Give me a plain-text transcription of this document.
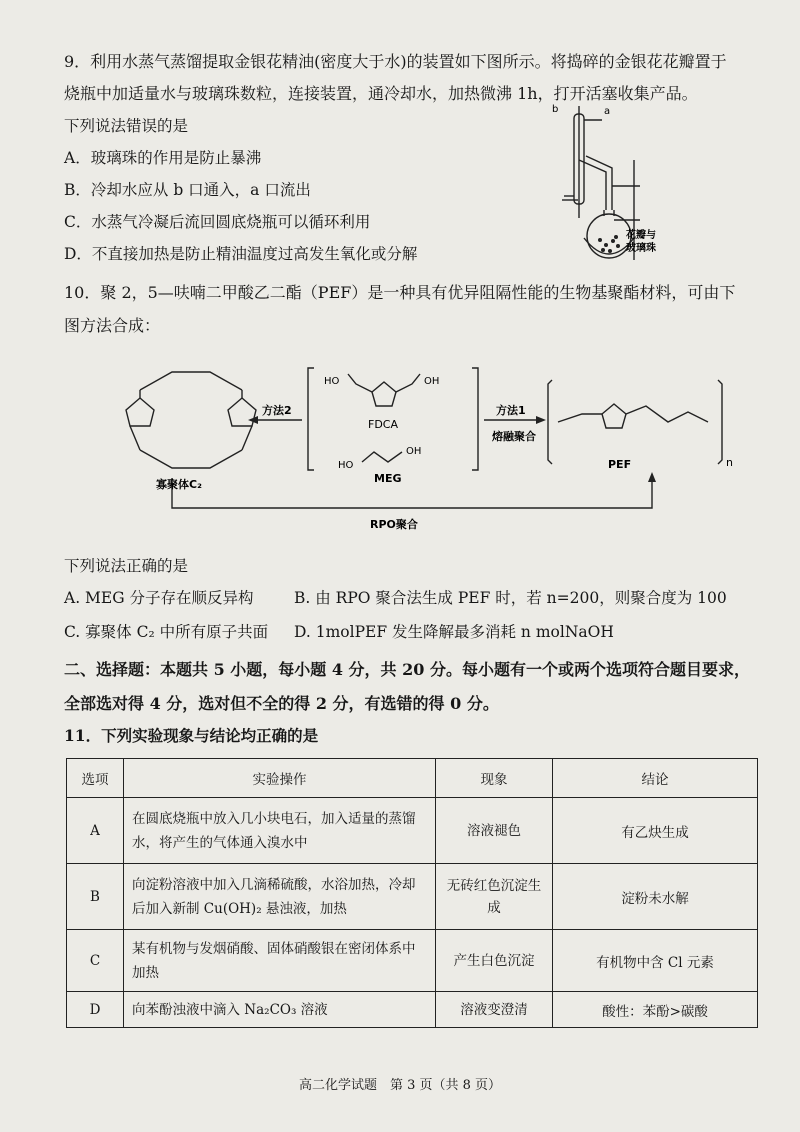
9．利用水蒸气蒸馏提取金银花精油(密度大于水)的装置如下图所示。将捣碎的金银花花瓣置于
烧瓶中加适量水与玻璃珠数粒，连接装置，通冷却水，加热微沸 1h，打开活塞收集产品。
下列说法错误的是
A．玻璃珠的作用是防止暴沸
B．冷却水应从 b 口通入，a 口流出
C．水蒸气冷凝后流回圆底烧瓶可以循环利用
D．不直接加热是防止精油温度过高发生氧化或分解
b	a
花瓣与
玻璃珠
10．聚 2，5—呋喃二甲酸乙二酯（PEF）是一种具有优异阻隔性能的生物基聚酯材料，可由下
图方法合成：
方法2	方法1
熔融聚合
FDCA
MEG
寡聚体C₂
PEF
RPO聚合
HO	OH
HO
OH
n
下列说法正确的是
A. MEG 分子存在顺反异构	B. 由 RPO 聚合法生成 PEF 时，若 n=200，则聚合度为 100
C. 寡聚体 C₂ 中所有原子共面 D. 1molPEF 发生降解最多消耗 n molNaOH
二、选择题：本题共 5 小题，每小题 4 分，共 20 分。每小题有一个或两个选项符合题目要求，
全部选对得 4 分，选对但不全的得 2 分，有选错的得 0 分。
11．下列实验现象与结论均正确的是
选项	实验操作	现象	结论
A	在圆底烧瓶中放入几小块电石，加入适量的蒸馏水，将产生的气体通入溴水中	溶液褪色	有乙炔生成
B	向淀粉溶液中加入几滴稀硫酸，水浴加热，冷却后加入新制 Cu(OH)₂ 悬浊液，加热	无砖红色沉淀生成	淀粉未水解
C	某有机物与发烟硝酸、固体硝酸银在密闭体系中加热	产生白色沉淀	有机物中含 Cl 元素
D	向苯酚浊液中滴入 Na₂CO₃ 溶液	溶液变澄清	酸性：苯酚>碳酸
高二化学试题　第 3 页（共 8 页）
